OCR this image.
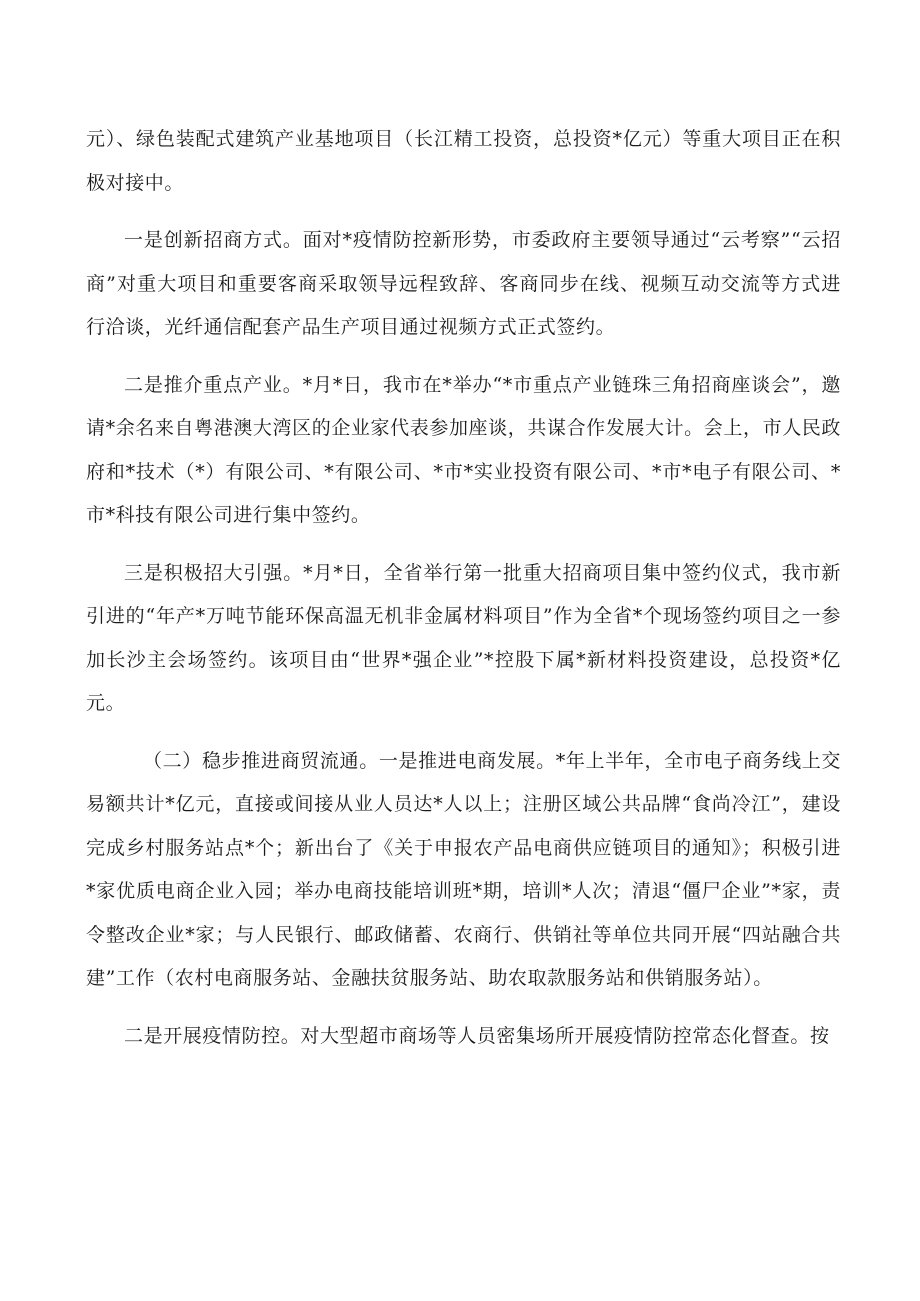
元）、绿色装配式建筑产业基地项目（长江精工投资，总投资*亿元）等重大项目正在积极对接中。

一是创新招商方式。面对*疫情防控新形势，市委政府主要领导通过“云考察”“云招商”对重大项目和重要客商采取领导远程致辞、客商同步在线、视频互动交流等方式进行洽谈，光纤通信配套产品生产项目通过视频方式正式签约。

二是推介重点产业。*月*日，我市在*举办“*市重点产业链珠三角招商座谈会”，邀请*余名来自粤港澳大湾区的企业家代表参加座谈，共谋合作发展大计。会上，市人民政府和*技术（*）有限公司、*有限公司、*市*实业投资有限公司、*市*电子有限公司、*市*科技有限公司进行集中签约。

三是积极招大引强。*月*日，全省举行第一批重大招商项目集中签约仪式，我市新引进的“年产*万吨节能环保高温无机非金属材料项目”作为全省*个现场签约项目之一参加长沙主会场签约。该项目由“世界*强企业”*控股下属*新材料投资建设，总投资*亿元。

（二）稳步推进商贸流通。一是推进电商发展。*年上半年，全市电子商务线上交易额共计*亿元，直接或间接从业人员达*人以上；注册区域公共品牌“食尚冷江”，建设完成乡村服务站点*个；新出台了《关于申报农产品电商供应链项目的通知》；积极引进*家优质电商企业入园；举办电商技能培训班*期，培训*人次；清退“僵尸企业”*家，责令整改企业*家；与人民银行、邮政储蓄、农商行、供销社等单位共同开展“四站融合共建”工作（农村电商服务站、金融扶贫服务站、助农取款服务站和供销服务站）。

二是开展疫情防控。对大型超市商场等人员密集场所开展疫情防控常态化督查。按
